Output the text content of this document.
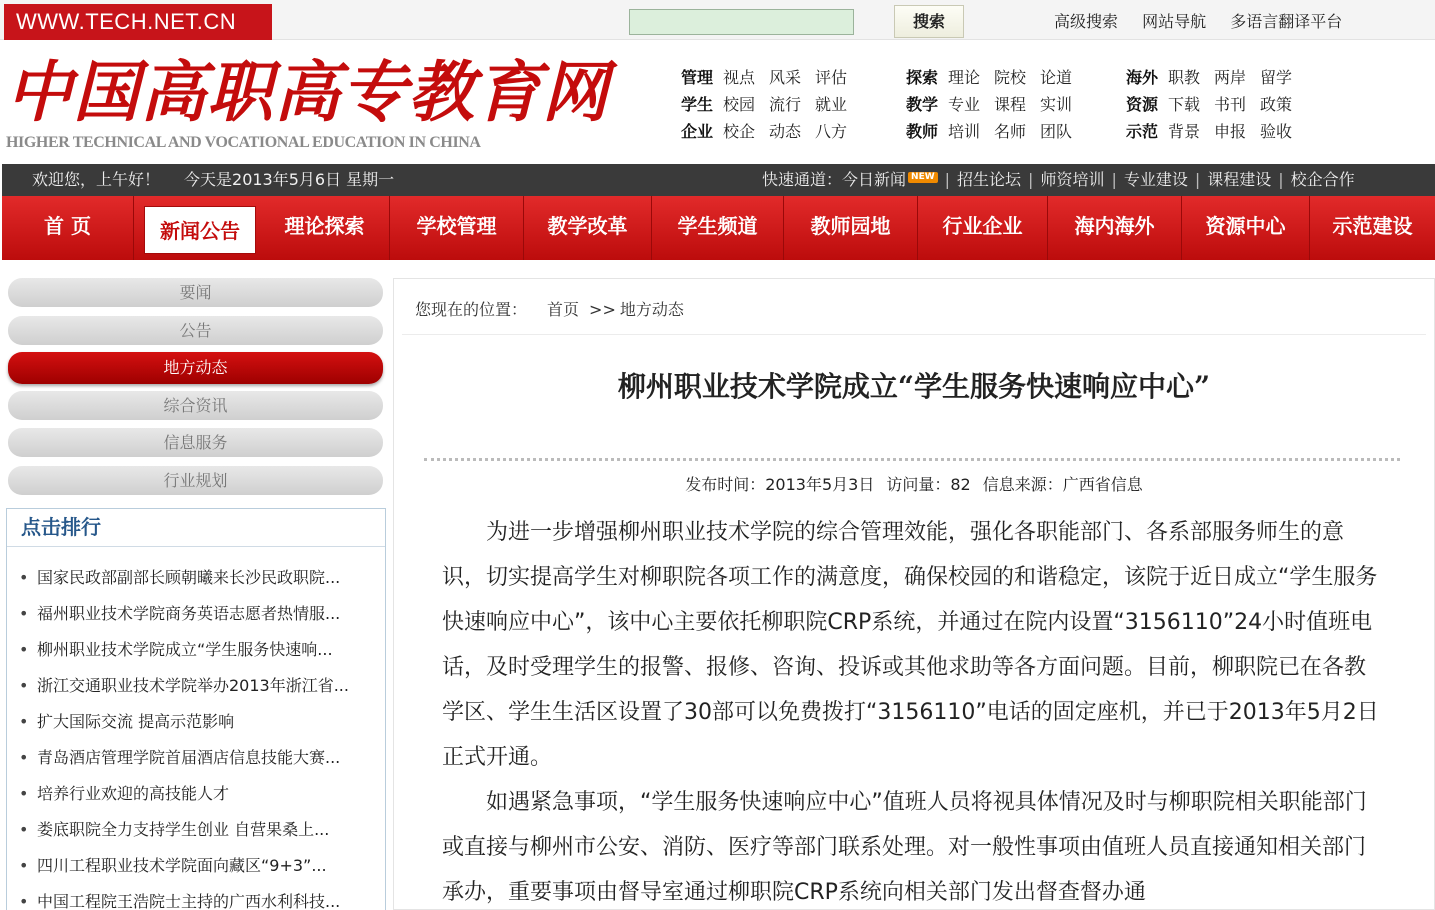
WWW.TECH.NET.CN	搜索	高级搜索 网站导航 多语言翻译平台
中国高职高专教育网
HIGHER TECHNICAL AND VOCATIONAL EDUCATION IN CHINA
管理 视点 风采 评估
学生 校园 流行 就业
企业 校企 动态 八方
探索 理论 院校 论道
教学 专业 课程 实训
教师 培训 名师 团队
海外 职教 两岸 留学
资源 下载 书刊 政策
示范 背景 申报 验收
欢迎您，上午好！ 今天是2013年5月6日 星期一	快速通道：今日新闻 NEW | 招生论坛 | 师资培训 | 专业建设 | 课程建设 | 校企合作
首 页	新闻公告	理论探索	学校管理	教学改革	学生频道	教师园地	行业企业	海内海外	资源中心	示范建设
要闻
公告
地方动态
综合资讯
信息服务
行业规划
点击排行
• 国家民政部副部长顾朝曦来长沙民政职院...
• 福州职业技术学院商务英语志愿者热情服...
• 柳州职业技术学院成立“学生服务快速响...
• 浙江交通职业技术学院举办2013年浙江省...
• 扩大国际交流 提高示范影响
• 青岛酒店管理学院首届酒店信息技能大赛...
• 培养行业欢迎的高技能人才
• 娄底职院全力支持学生创业 自营果桑上...
• 四川工程职业技术学院面向藏区“9+3”...
• 中国工程院王浩院士主持的广西水利科技...
您现在的位置： 首页 >> 地方动态
柳州职业技术学院成立“学生服务快速响应中心”
发布时间：2013年5月3日 访问量：82 信息来源：广西省信息

为进一步增强柳州职业技术学院的综合管理效能，强化各职能部门、各系部服务师生的意识，切实提高学生对柳职院各项工作的满意度，确保校园的和谐稳定，该院于近日成立“学生服务快速响应中心”，该中心主要依托柳职院CRP系统，并通过在院内设置“3156110”24小时值班电话，及时受理学生的报警、报修、咨询、投诉或其他求助等各方面问题。目前，柳职院已在各教学区、学生生活区设置了30部可以免费拨打“3156110”电话的固定座机，并已于2013年5月2日正式开通。

如遇紧急事项，“学生服务快速响应中心”值班人员将视具体情况及时与柳职院相关职能部门或直接与柳州市公安、消防、医疗等部门联系处理。对一般性事项由值班人员直接通知相关部门承办，重要事项由督导室通过柳职院CRP系统向相关部门发出督查督办通
